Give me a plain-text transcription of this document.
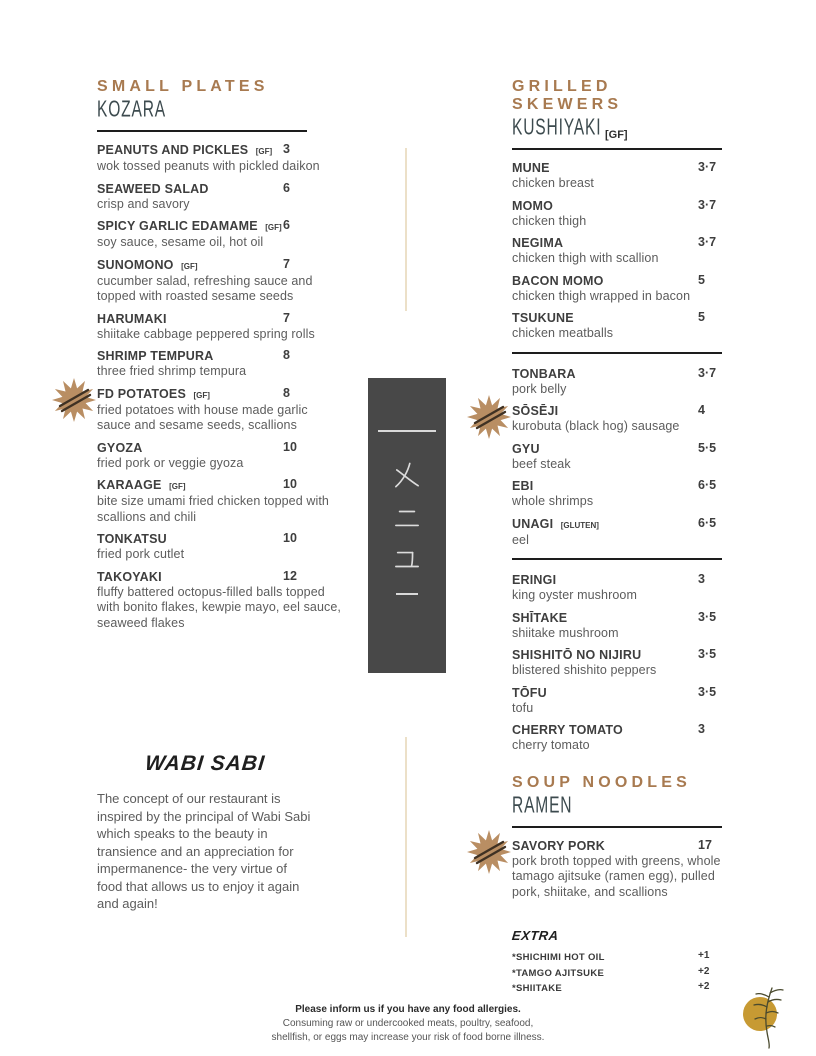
SMALL PLATES
KOZARA
PEANUTS AND PICKLES [GF] 3
wok tossed peanuts with pickled daikon
SEAWEED SALAD	6
crisp and savory
SPICY GARLIC EDAMAME [GF] 6
soy sauce, sesame oil, hot oil
SUNOMONO [GF]	7
cucumber salad, refreshing sauce and topped with roasted sesame seeds
HARUMAKI	7
shiitake cabbage peppered spring rolls
SHRIMP TEMPURA	8
three fried shrimp tempura
FD POTATOES [GF]	8
fried potatoes with house made garlic sauce and sesame seeds, scallions
GYOZA	10
fried pork or veggie gyoza
KARAAGE [GF]	10
bite size umami fried chicken topped with scallions and chili
TONKATSU	10
fried pork cutlet
TAKOYAKI	12
fluffy battered octopus-filled balls topped with bonito flakes, kewpie mayo, eel sauce, seaweed flakes
GRILLED SKEWERS
KUSHIYAKI [GF]
MUNE	3·7
chicken breast
MOMO	3·7
chicken thigh
NEGIMA	3·7
chicken thigh with scallion
BACON MOMO	5
chicken thigh wrapped in bacon
TSUKUNE	5
chicken meatballs
TONBARA	3·7
pork belly
SŌSĒJI	4
kurobuta (black hog) sausage
GYU	5·5
beef steak
EBI	6·5
whole shrimps
UNAGI [GLUTEN]	6·5
eel
ERINGI	3
king oyster mushroom
SHĪTAKE	3·5
shiitake mushroom
SHISHITŌ NO NIJIRU	3·5
blistered shishito peppers
TŌFU	3·5
tofu
CHERRY TOMATO	3
cherry tomato
SOUP NOODLES
RAMEN
SAVORY PORK	17
pork broth topped with greens, whole tamago ajitsuke (ramen egg), pulled pork, shiitake, and scallions
EXTRA
*SHICHIMI HOT OIL	+1
*TAMGO AJITSUKE	+2
*SHIITAKE	+2
WABI SABI

The concept of our restaurant is inspired by the principal of Wabi Sabi which speaks to the beauty in transience and an appreciation for impermanence- the very virtue of food that allows us to enjoy it again and again!

Please inform us if you have any food allergies.
Consuming raw or undercooked meats, poultry, seafood,
shellfish, or eggs may increase your risk of food borne illness.
